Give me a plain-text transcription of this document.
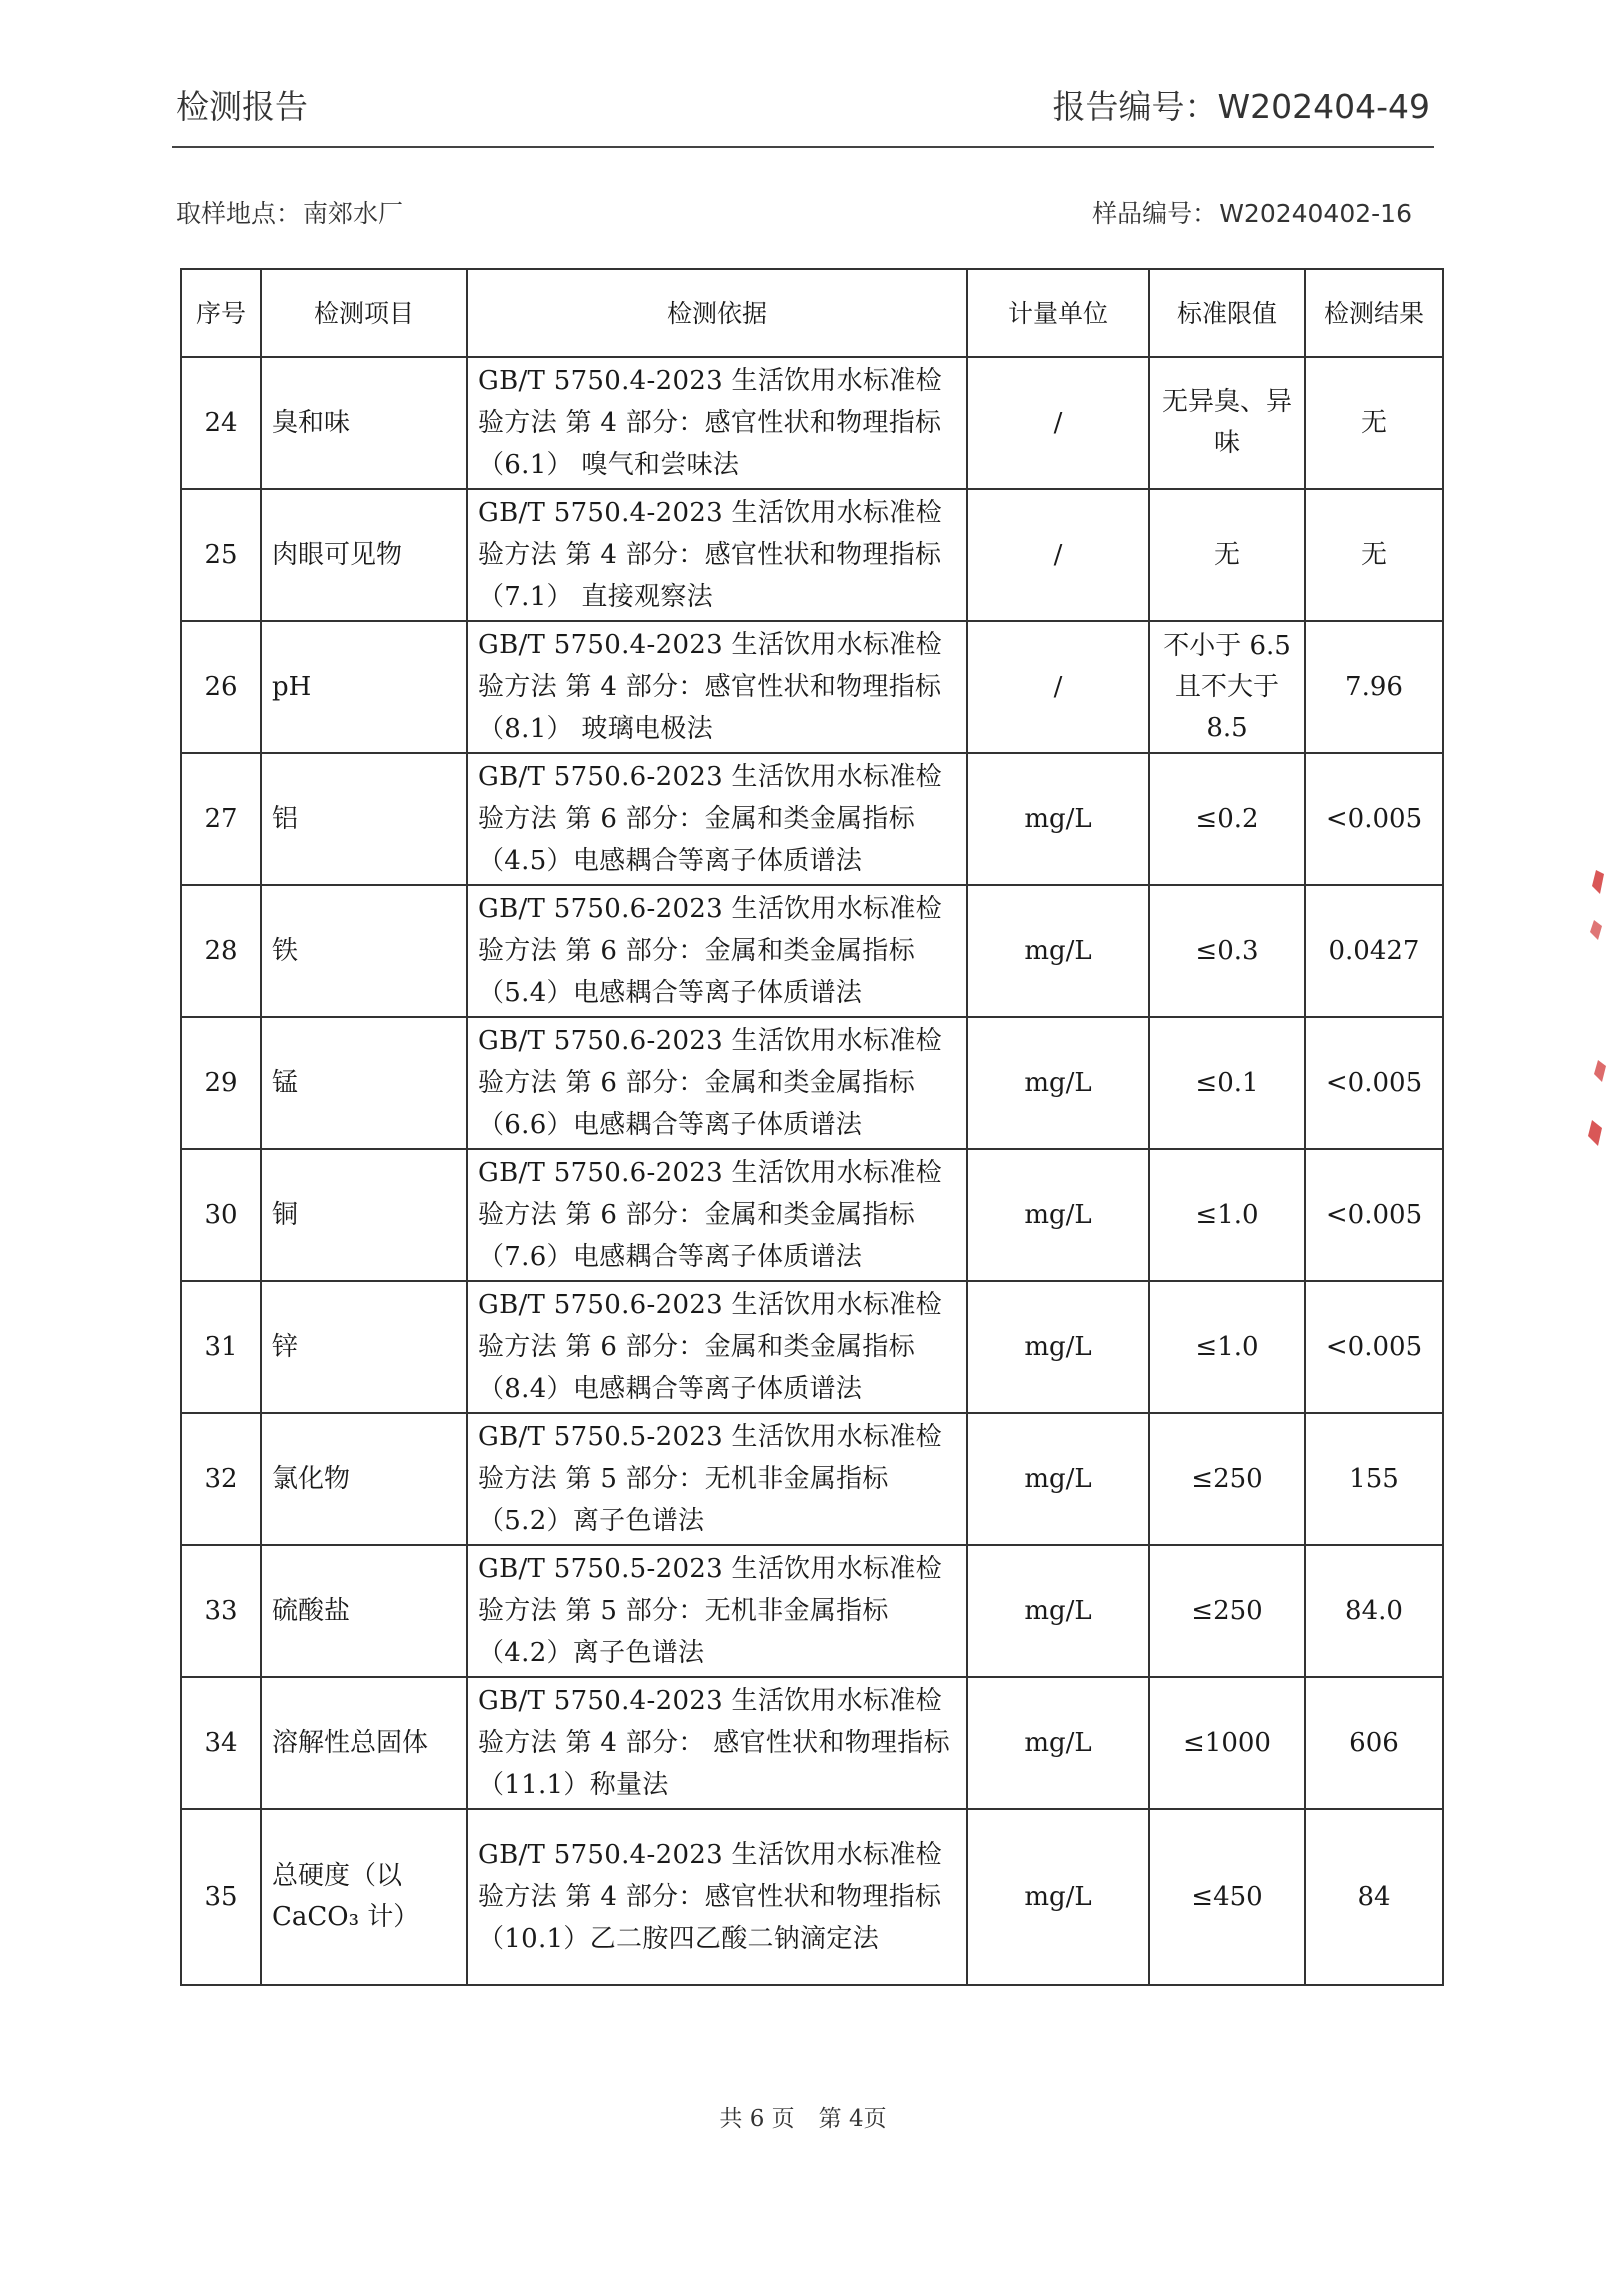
检测报告	报告编号：W202404-49
取样地点：南郊水厂	样品编号：W20240402-16
序号	检测项目	检测依据	计量单位	标准限值	检测结果
24	臭和味	GB/T 5750.4-2023 生活饮用水标准检验方法 第 4 部分：感官性状和物理指标（6.1） 嗅气和尝味法	/	无异臭、异味	无
25	肉眼可见物	GB/T 5750.4-2023 生活饮用水标准检验方法 第 4 部分：感官性状和物理指标（7.1） 直接观察法	/	无	无
26	pH	GB/T 5750.4-2023 生活饮用水标准检验方法 第 4 部分：感官性状和物理指标（8.1） 玻璃电极法	/	不小于 6.5 且不大于 8.5	7.96
27	铝	GB/T 5750.6-2023 生活饮用水标准检验方法 第 6 部分：金属和类金属指标（4.5）电感耦合等离子体质谱法	mg/L	≤0.2	<0.005
28	铁	GB/T 5750.6-2023 生活饮用水标准检验方法 第 6 部分：金属和类金属指标（5.4）电感耦合等离子体质谱法	mg/L	≤0.3	0.0427
29	锰	GB/T 5750.6-2023 生活饮用水标准检验方法 第 6 部分：金属和类金属指标（6.6）电感耦合等离子体质谱法	mg/L	≤0.1	<0.005
30	铜	GB/T 5750.6-2023 生活饮用水标准检验方法 第 6 部分：金属和类金属指标（7.6）电感耦合等离子体质谱法	mg/L	≤1.0	<0.005
31	锌	GB/T 5750.6-2023 生活饮用水标准检验方法 第 6 部分：金属和类金属指标（8.4）电感耦合等离子体质谱法	mg/L	≤1.0	<0.005
32	氯化物	GB/T 5750.5-2023 生活饮用水标准检验方法 第 5 部分：无机非金属指标（5.2）离子色谱法	mg/L	≤250	155
33	硫酸盐	GB/T 5750.5-2023 生活饮用水标准检验方法 第 5 部分：无机非金属指标（4.2）离子色谱法	mg/L	≤250	84.0
34	溶解性总固体	GB/T 5750.4-2023 生活饮用水标准检验方法 第 4 部分： 感官性状和物理指标（11.1）称量法	mg/L	≤1000	606
35	总硬度（以 CaCO₃ 计）	GB/T 5750.4-2023 生活饮用水标准检验方法 第 4 部分：感官性状和物理指标 （10.1）乙二胺四乙酸二钠滴定法	mg/L	≤450	84
共 6 页 第 4页
